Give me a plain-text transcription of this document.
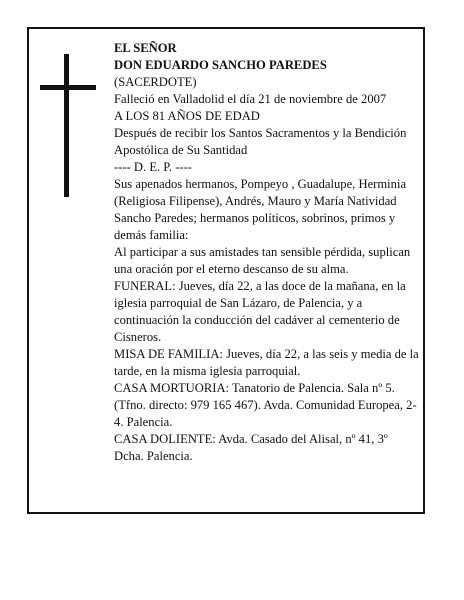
EL SEÑOR
DON EDUARDO SANCHO PAREDES
(SACERDOTE)
Falleció en Valladolid el día 21 de noviembre de 2007
A LOS 81 AÑOS DE EDAD
Después de recibir los Santos Sacramentos y la Bendición Apostólica de Su Santidad
---- D. E. P. ----
Sus apenados hermanos, Pompeyo , Guadalupe, Herminia (Religiosa Filipense), Andrés, Mauro y María Natividad Sancho Paredes; hermanos políticos, sobrinos, primos y demás familia:
Al participar a sus amistades tan sensible pérdida, suplican una oración por el eterno descanso de su alma.
FUNERAL: Jueves, día 22, a las doce de la mañana, en la iglesia parroquial de San Lázaro, de Palencia, y a continuación la conducción del cadáver al cementerio de Cisneros.
MISA DE FAMILIA: Jueves, día 22, a las seis y media de la tarde, en la misma iglesia parroquial.
CASA MORTUORIA: Tanatorio de Palencia. Sala nº 5. (Tfno. directo: 979 165 467). Avda. Comunidad Europea, 2-4. Palencia.
CASA DOLIENTE: Avda. Casado del Alisal, nº 41, 3º Dcha. Palencia.
